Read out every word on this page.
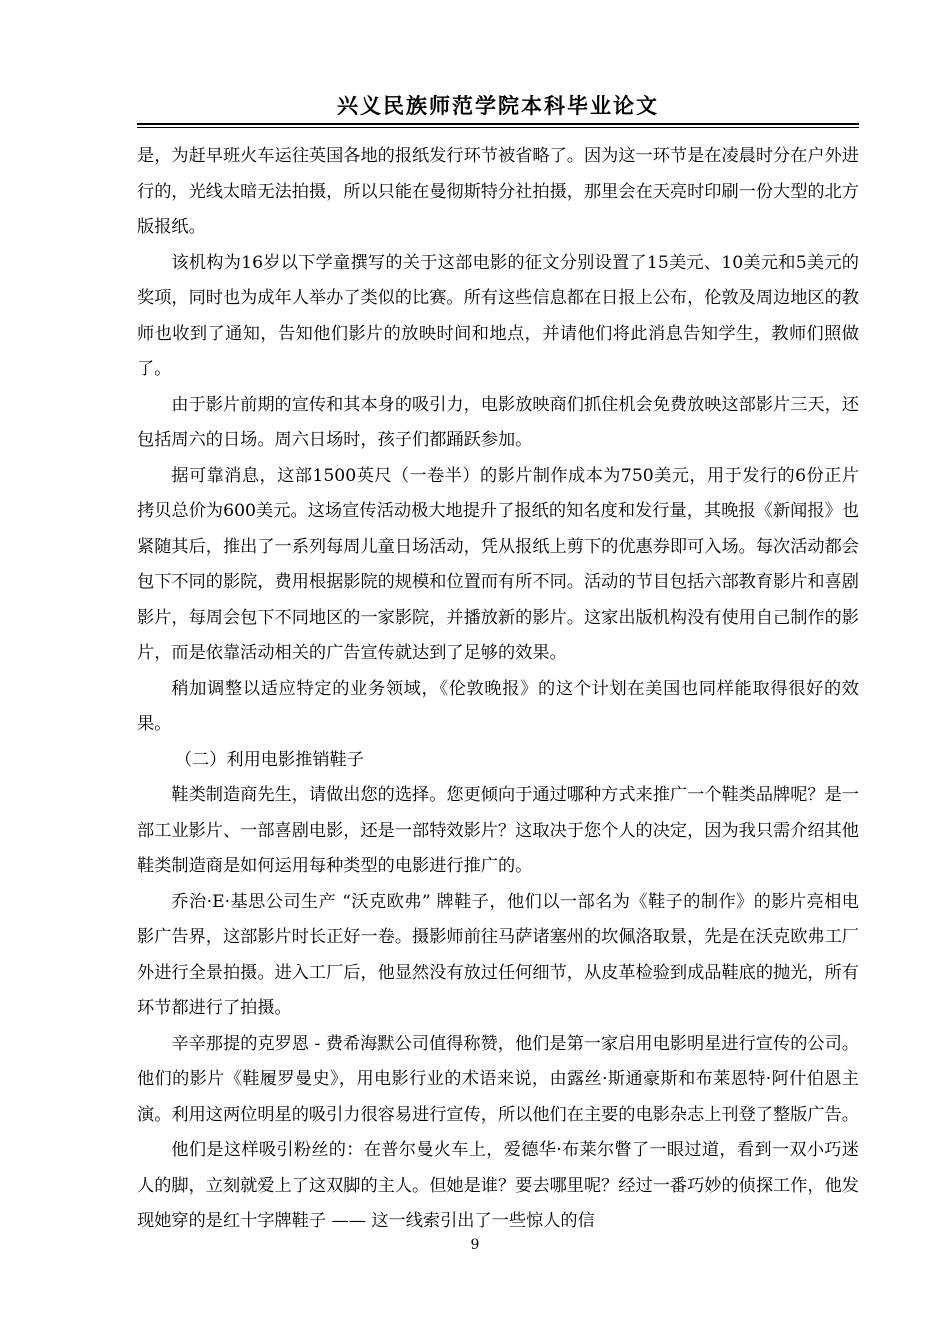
兴义民族师范学院本科毕业论文

是，为赶早班火车运往英国各地的报纸发行环节被省略了。因为这一环节是在凌晨时分在户外进行的，光线太暗无法拍摄，所以只能在曼彻斯特分社拍摄，那里会在天亮时印刷一份大型的北方版报纸。

该机构为16岁以下学童撰写的关于这部电影的征文分别设置了15美元、10美元和5美元的奖项，同时也为成年人举办了类似的比赛。所有这些信息都在日报上公布，伦敦及周边地区的教师也收到了通知，告知他们影片的放映时间和地点，并请他们将此消息告知学生，教师们照做了。

由于影片前期的宣传和其本身的吸引力，电影放映商们抓住机会免费放映这部影片三天，还包括周六的日场。周六日场时，孩子们都踊跃参加。

据可靠消息，这部1500英尺（一卷半）的影片制作成本为750美元，用于发行的6份正片拷贝总价为600美元。这场宣传活动极大地提升了报纸的知名度和发行量，其晚报《新闻报》也紧随其后，推出了一系列每周儿童日场活动，凭从报纸上剪下的优惠券即可入场。每次活动都会包下不同的影院，费用根据影院的规模和位置而有所不同。活动的节目包括六部教育影片和喜剧影片，每周会包下不同地区的一家影院，并播放新的影片。这家出版机构没有使用自己制作的影片，而是依靠活动相关的广告宣传就达到了足够的效果。

稍加调整以适应特定的业务领域，《伦敦晚报》的这个计划在美国也同样能取得很好的效果。

（二）利用电影推销鞋子

鞋类制造商先生，请做出您的选择。您更倾向于通过哪种方式来推广一个鞋类品牌呢？是一部工业影片、一部喜剧电影，还是一部特效影片？这取决于您个人的决定，因为我只需介绍其他鞋类制造商是如何运用每种类型的电影进行推广的。

乔治·E·基思公司生产 “沃克欧弗” 牌鞋子，他们以一部名为《鞋子的制作》的影片亮相电影广告界，这部影片时长正好一卷。摄影师前往马萨诸塞州的坎佩洛取景，先是在沃克欧弗工厂外进行全景拍摄。进入工厂后，他显然没有放过任何细节，从皮革检验到成品鞋底的抛光，所有环节都进行了拍摄。

辛辛那提的克罗恩 - 费希海默公司值得称赞，他们是第一家启用电影明星进行宣传的公司。他们的影片《鞋履罗曼史》，用电影行业的术语来说，由露丝·斯通豪斯和布莱恩特·阿什伯恩主演。利用这两位明星的吸引力很容易进行宣传，所以他们在主要的电影杂志上刊登了整版广告。

他们是这样吸引粉丝的：在普尔曼火车上，爱德华·布莱尔瞥了一眼过道，看到一双小巧迷人的脚，立刻就爱上了这双脚的主人。但她是谁？要去哪里呢？经过一番巧妙的侦探工作，他发现她穿的是红十字牌鞋子 —— 这一线索引出了一些惊人的信

9
